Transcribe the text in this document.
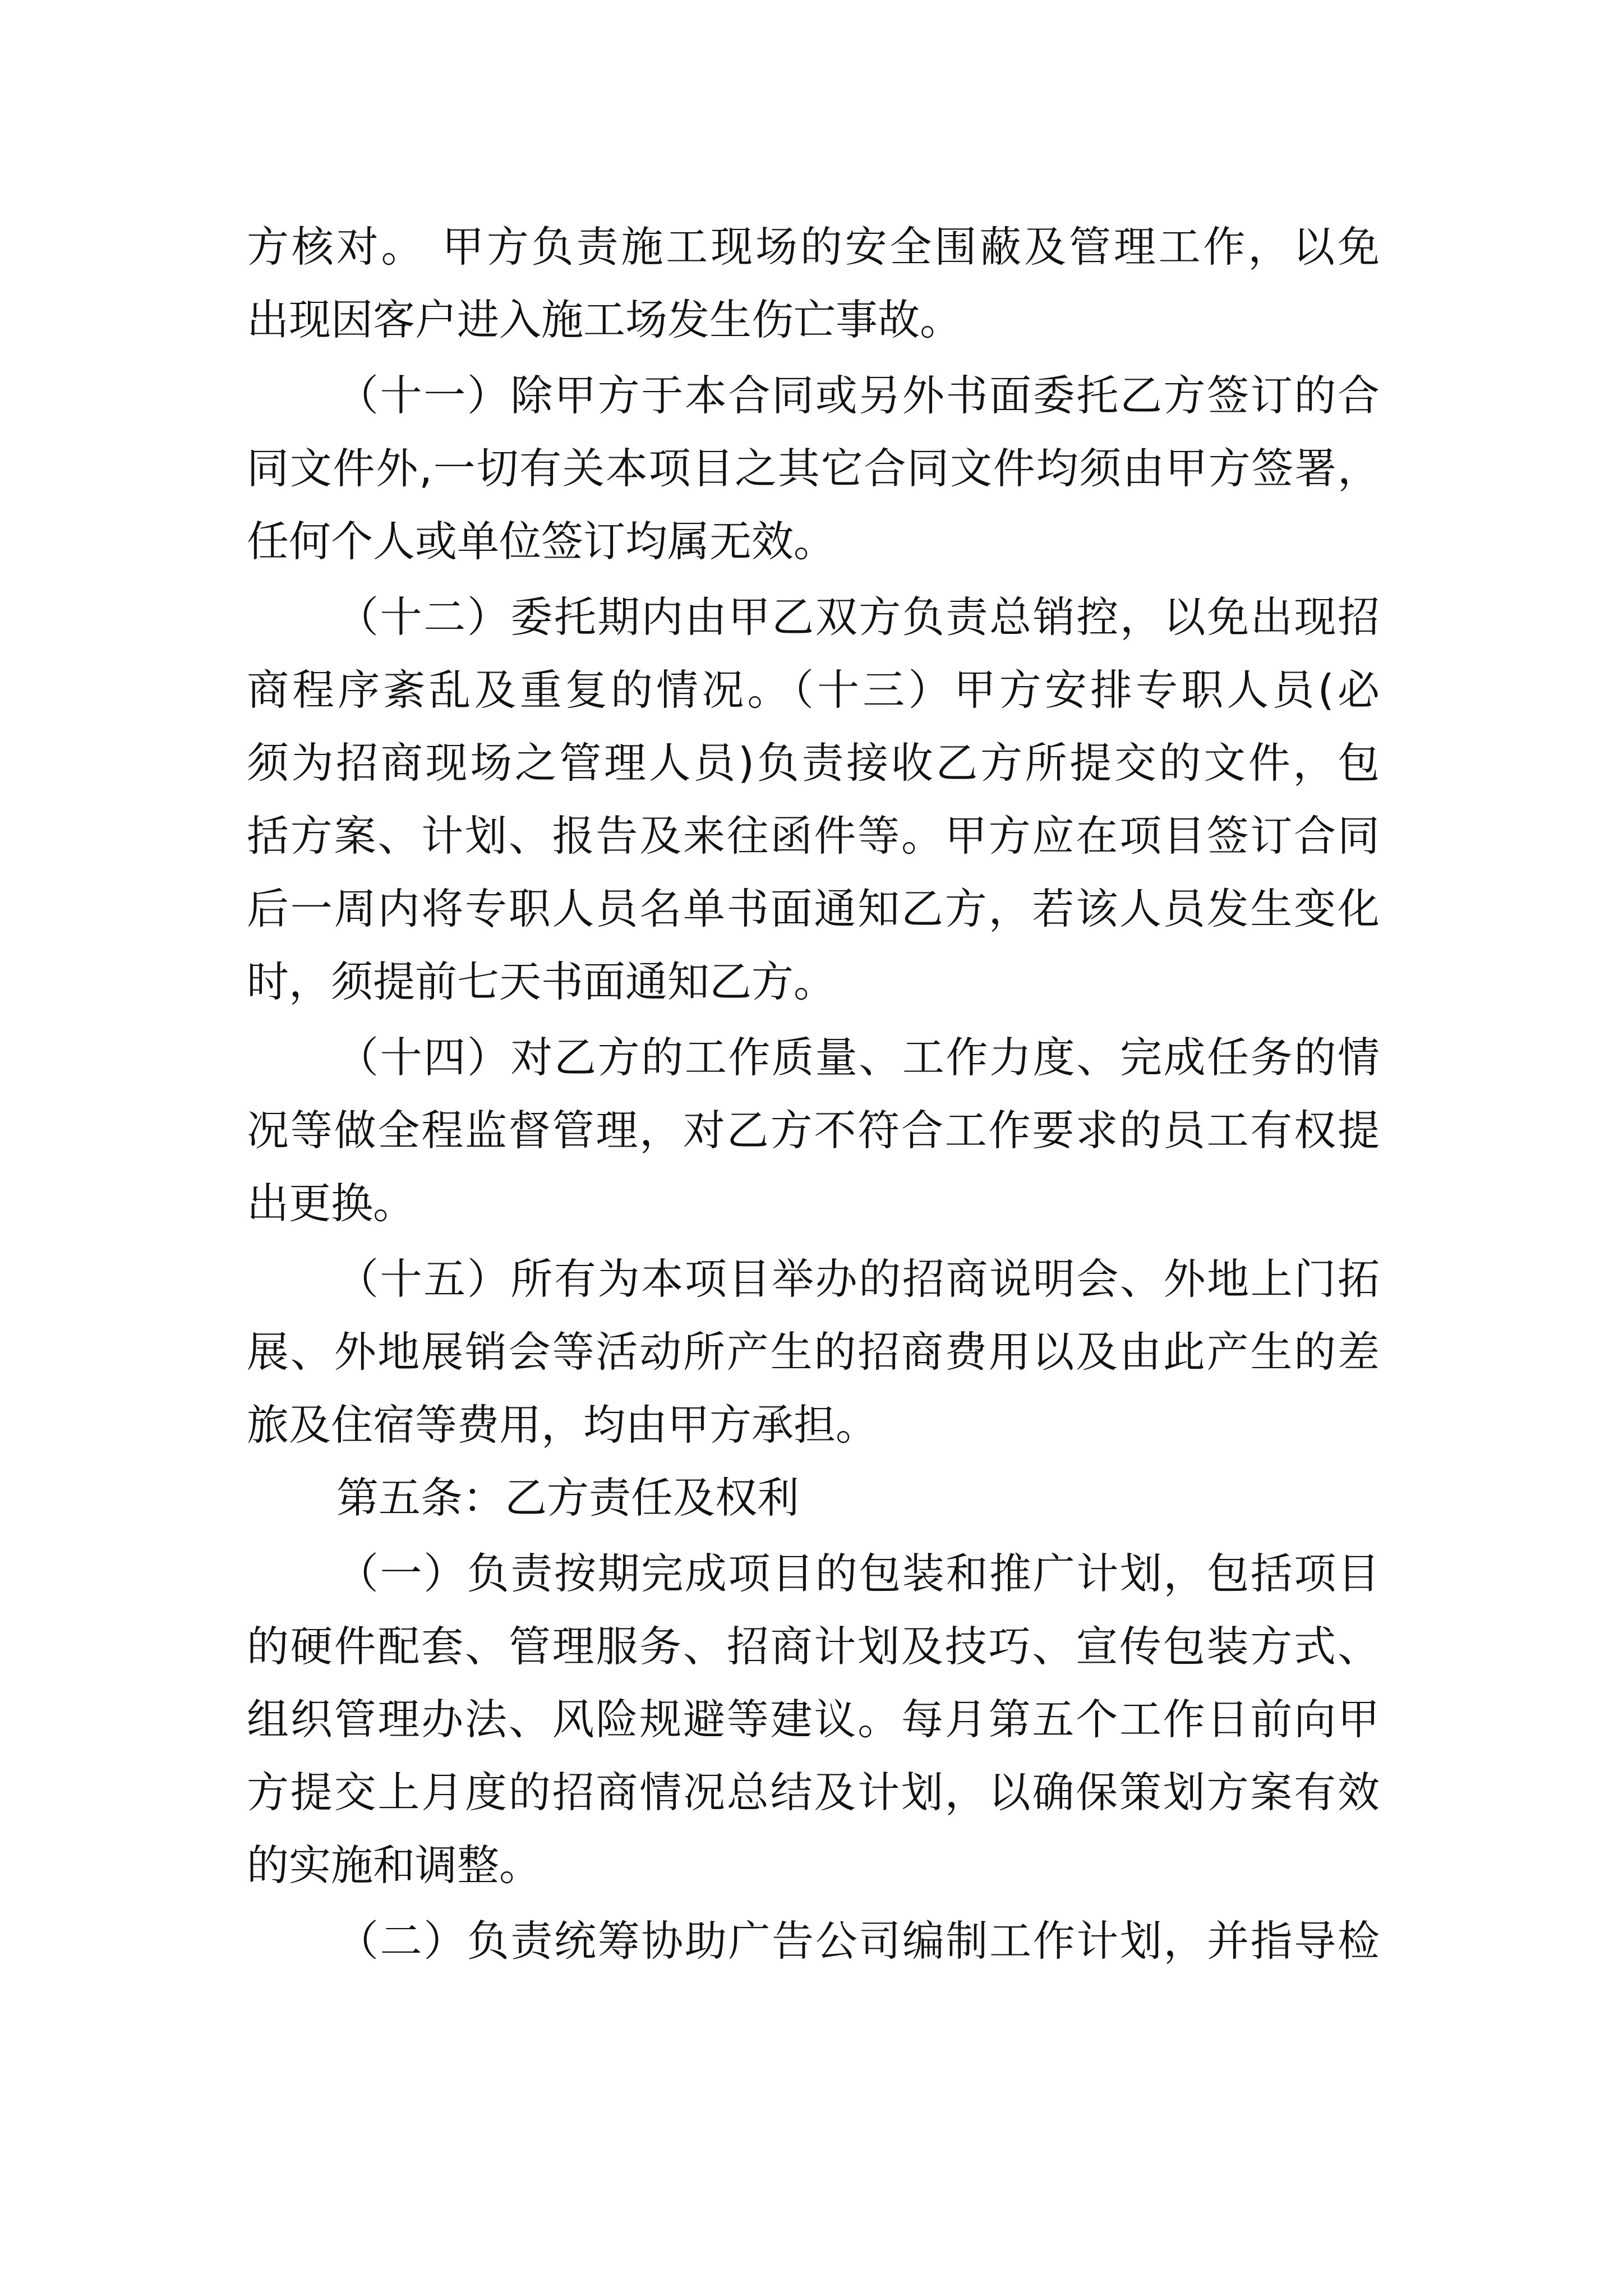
方核对。 甲方负责施工现场的安全围蔽及管理工作，以免
出现因客户进入施工场发生伤亡事故。
（十一）除甲方于本合同或另外书面委托乙方签订的合
同文件外,一切有关本项目之其它合同文件均须由甲方签署，
任何个人或单位签订均属无效。
（十二）委托期内由甲乙双方负责总销控，以免出现招
商程序紊乱及重复的情况。（十三）甲方安排专职人员(必
须为招商现场之管理人员)负责接收乙方所提交的文件，包
括方案、计划、报告及来往函件等。甲方应在项目签订合同
后一周内将专职人员名单书面通知乙方，若该人员发生变化
时，须提前七天书面通知乙方。
（十四）对乙方的工作质量、工作力度、完成任务的情
况等做全程监督管理，对乙方不符合工作要求的员工有权提
出更换。
（十五）所有为本项目举办的招商说明会、外地上门拓
展、外地展销会等活动所产生的招商费用以及由此产生的差
旅及住宿等费用，均由甲方承担。
第五条：乙方责任及权利
（一）负责按期完成项目的包装和推广计划，包括项目
的硬件配套、管理服务、招商计划及技巧、宣传包装方式、
组织管理办法、风险规避等建议。每月第五个工作日前向甲
方提交上月度的招商情况总结及计划，以确保策划方案有效
的实施和调整。
（二）负责统筹协助广告公司编制工作计划，并指导检
